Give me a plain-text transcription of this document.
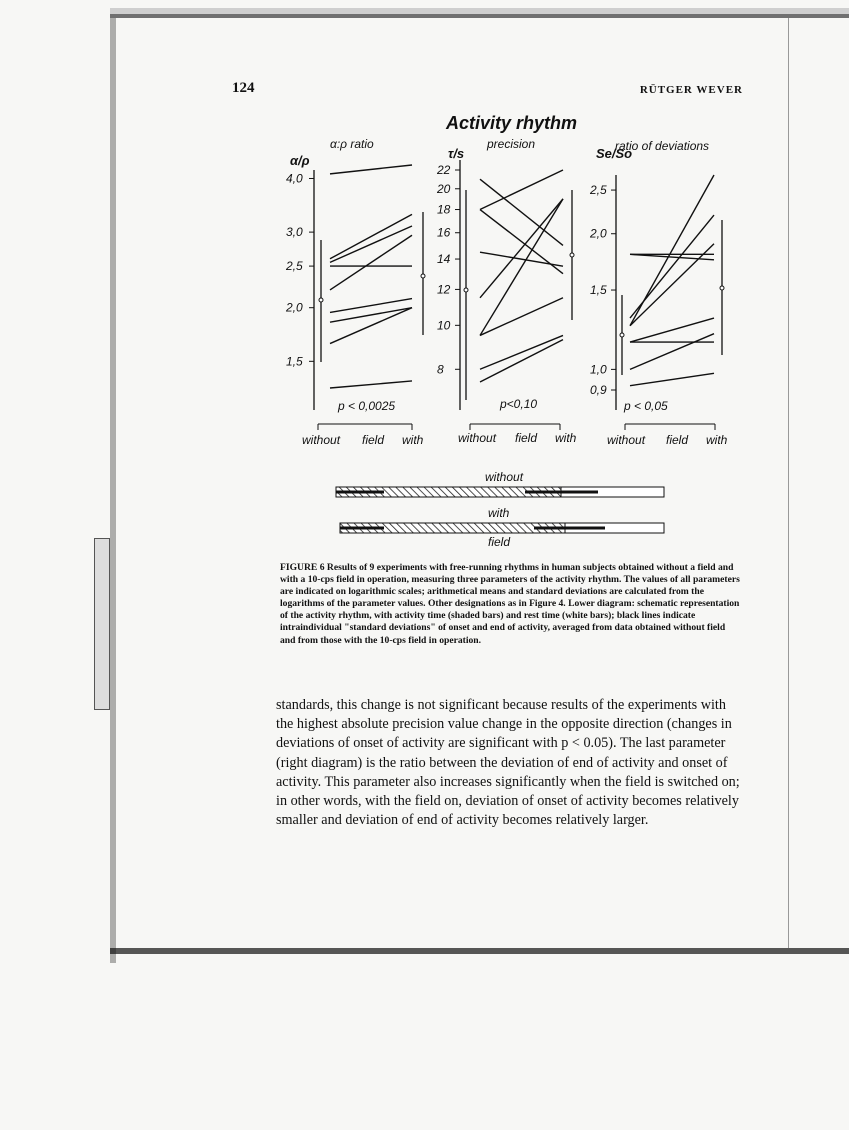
124	RÜTGER WEVER
Activity rhythm
α:ρ ratio	precision	ratio of deviations
α/ρ	τ/s	Se/So
4,0
3,0
2,5
2,0
1,5
22
20
18
16
14
12
10
8
2,5
2,0
1,5
1,0
0,9
p < 0,0025	p<0,10	p < 0,05
without field with	without field with	without field with
without
with
field
FIGURE 6 Results of 9 experiments with free-running rhythms in human subjects obtained without a field and with a 10-cps field in operation, measuring three parameters of the activity rhythm. The values of all parameters are indicated on logarithmic scales; arithmetical means and standard deviations are calculated from the logarithms of the parameter values. Other designations as in Figure 4. Lower diagram: schematic representation of the activity rhythm, with activity time (shaded bars) and rest time (white bars); black lines indicate intraindividual "standard deviations" of onset and end of activity, averaged from data obtained without field and from those with the 10-cps field in operation.
standards, this change is not significant because results of the experiments with the highest absolute precision value change in the opposite direction (changes in deviations of onset of activity are significant with p < 0.05). The last parameter (right diagram) is the ratio between the deviation of end of activity and onset of activity. This parameter also increases significantly when the field is switched on; in other words, with the field on, deviation of onset of activity becomes relatively smaller and deviation of end of activity becomes relatively larger.
